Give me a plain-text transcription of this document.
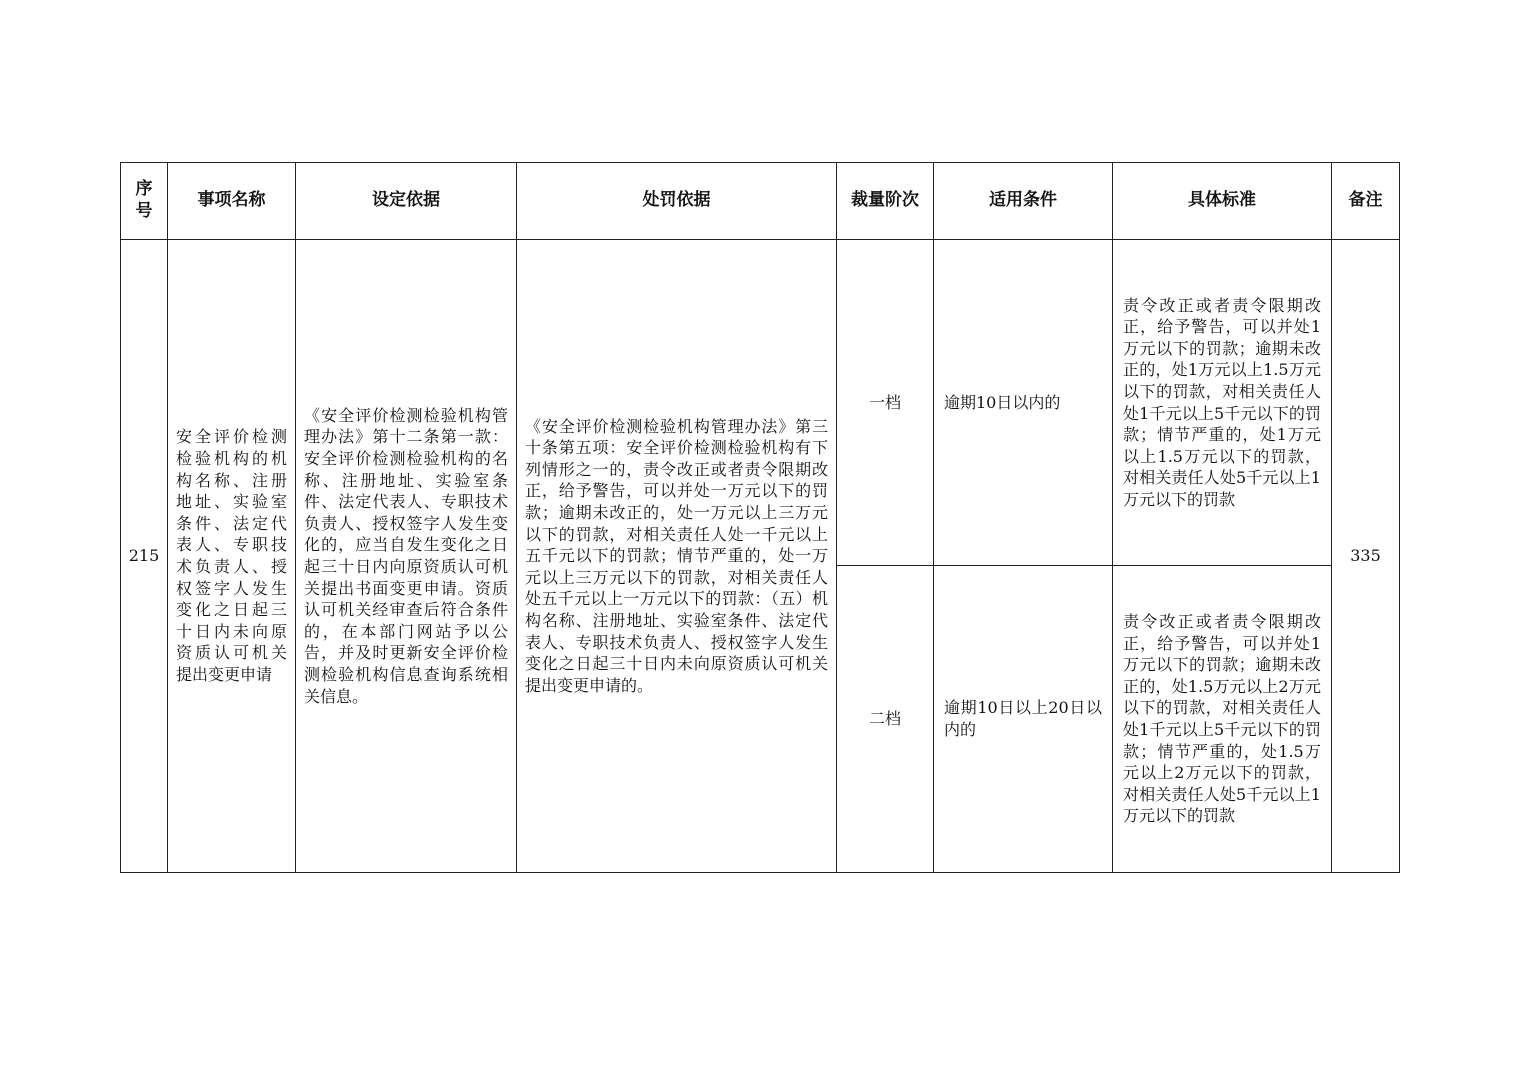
序号	事项名称	设定依据	处罚依据	裁量阶次	适用条件	具体标准	备注
215	安全评价检测检验机构的机构名称、注册地址、实验室条件、法定代表人、专职技术负责人、授权签字人发生变化之日起三十日内未向原资质认可机关提出变更申请	《安全评价检测检验机构管理办法》第十二条第一款：安全评价检测检验机构的名称、注册地址、实验室条件、法定代表人、专职技术负责人、授权签字人发生变化的，应当自发生变化之日起三十日内向原资质认可机关提出书面变更申请。资质认可机关经审查后符合条件的，在本部门网站予以公告，并及时更新安全评价检测检验机构信息查询系统相关信息。	《安全评价检测检验机构管理办法》第三十条第五项：安全评价检测检验机构有下列情形之一的，责令改正或者责令限期改正，给予警告，可以并处一万元以下的罚款；逾期未改正的，处一万元以上三万元以下的罚款，对相关责任人处一千元以上五千元以下的罚款；情节严重的，处一万元以上三万元以下的罚款，对相关责任人处五千元以上一万元以下的罚款：（五）机构名称、注册地址、实验室条件、法定代表人、专职技术负责人、授权签字人发生变化之日起三十日内未向原资质认可机关提出变更申请的。	一档	逾期10日以内的	责令改正或者责令限期改正，给予警告，可以并处1万元以下的罚款；逾期未改正的，处1万元以上1.5万元以下的罚款，对相关责任人处1千元以上5千元以下的罚款；情节严重的，处1万元以上1.5万元以下的罚款，对相关责任人处5千元以上1万元以下的罚款	335
				二档	逾期10日以上20日以内的	责令改正或者责令限期改正，给予警告，可以并处1万元以下的罚款；逾期未改正的，处1.5万元以上2万元以下的罚款，对相关责任人处1千元以上5千元以下的罚款；情节严重的，处1.5万元以上2万元以下的罚款，对相关责任人处5千元以上1万元以下的罚款	
